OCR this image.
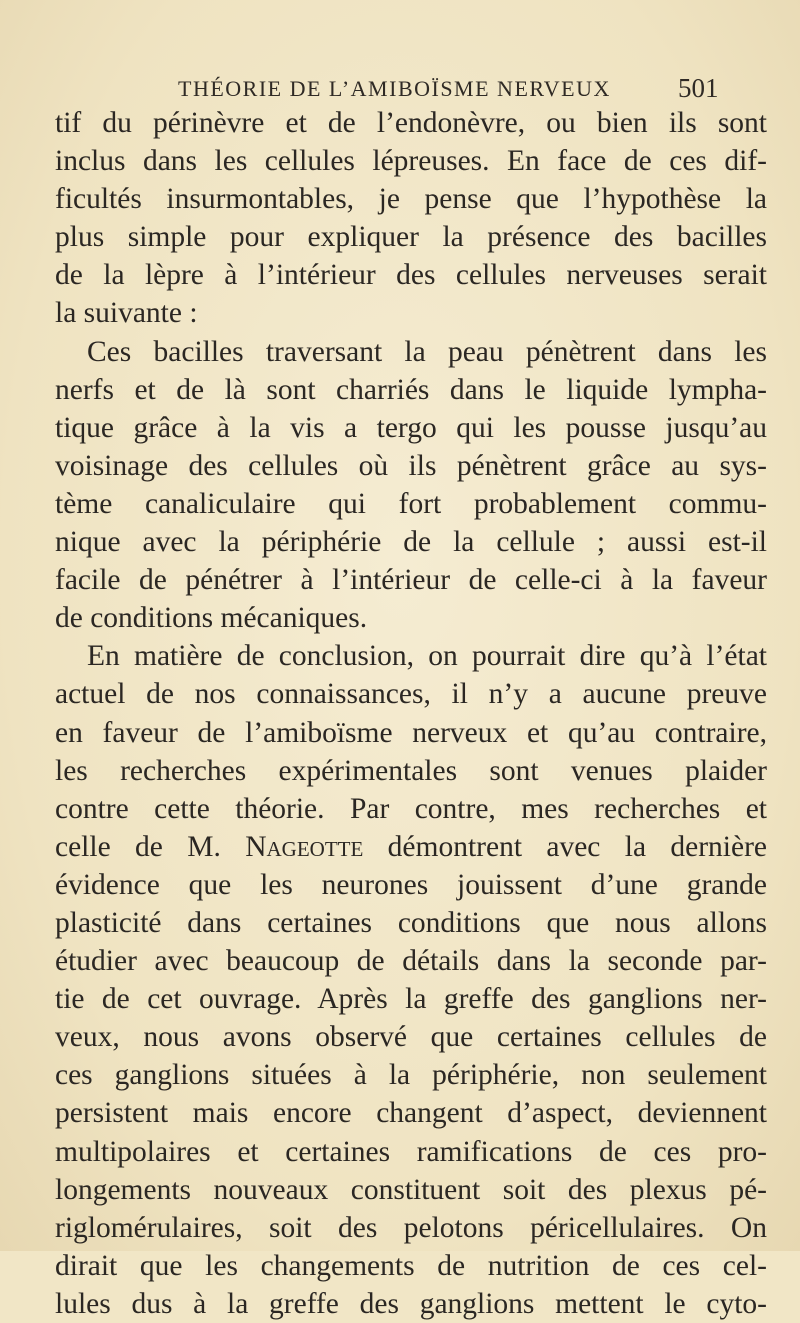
THÉORIE DE L’AMIBOÏSME NERVEUX 501
tif du périnèvre et de l’endonèvre, ou bien ils sont
inclus dans les cellules lépreuses. En face de ces dif-
ficultés insurmontables, je pense que l’hypothèse la
plus simple pour expliquer la présence des bacilles
de la lèpre à l’intérieur des cellules nerveuses serait
la suivante :
Ces bacilles traversant la peau pénètrent dans les
nerfs et de là sont charriés dans le liquide lympha-
tique grâce à la vis a tergo qui les pousse jusqu’au
voisinage des cellules où ils pénètrent grâce au sys-
tème canaliculaire qui fort probablement commu-
nique avec la périphérie de la cellule ; aussi est-il
facile de pénétrer à l’intérieur de celle-ci à la faveur
de conditions mécaniques.
En matière de conclusion, on pourrait dire qu’à l’état
actuel de nos connaissances, il n’y a aucune preuve
en faveur de l’amiboïsme nerveux et qu’au contraire,
les recherches expérimentales sont venues plaider
contre cette théorie. Par contre, mes recherches et
celle de M. Nageotte démontrent avec la dernière
évidence que les neurones jouissent d’une grande
plasticité dans certaines conditions que nous allons
étudier avec beaucoup de détails dans la seconde par-
tie de cet ouvrage. Après la greffe des ganglions ner-
veux, nous avons observé que certaines cellules de
ces ganglions situées à la périphérie, non seulement
persistent mais encore changent d’aspect, deviennent
multipolaires et certaines ramifications de ces pro-
longements nouveaux constituent soit des plexus pé-
riglomérulaires, soit des pelotons péricellulaires. On
dirait que les changements de nutrition de ces cel-
lules dus à la greffe des ganglions mettent le cyto-
